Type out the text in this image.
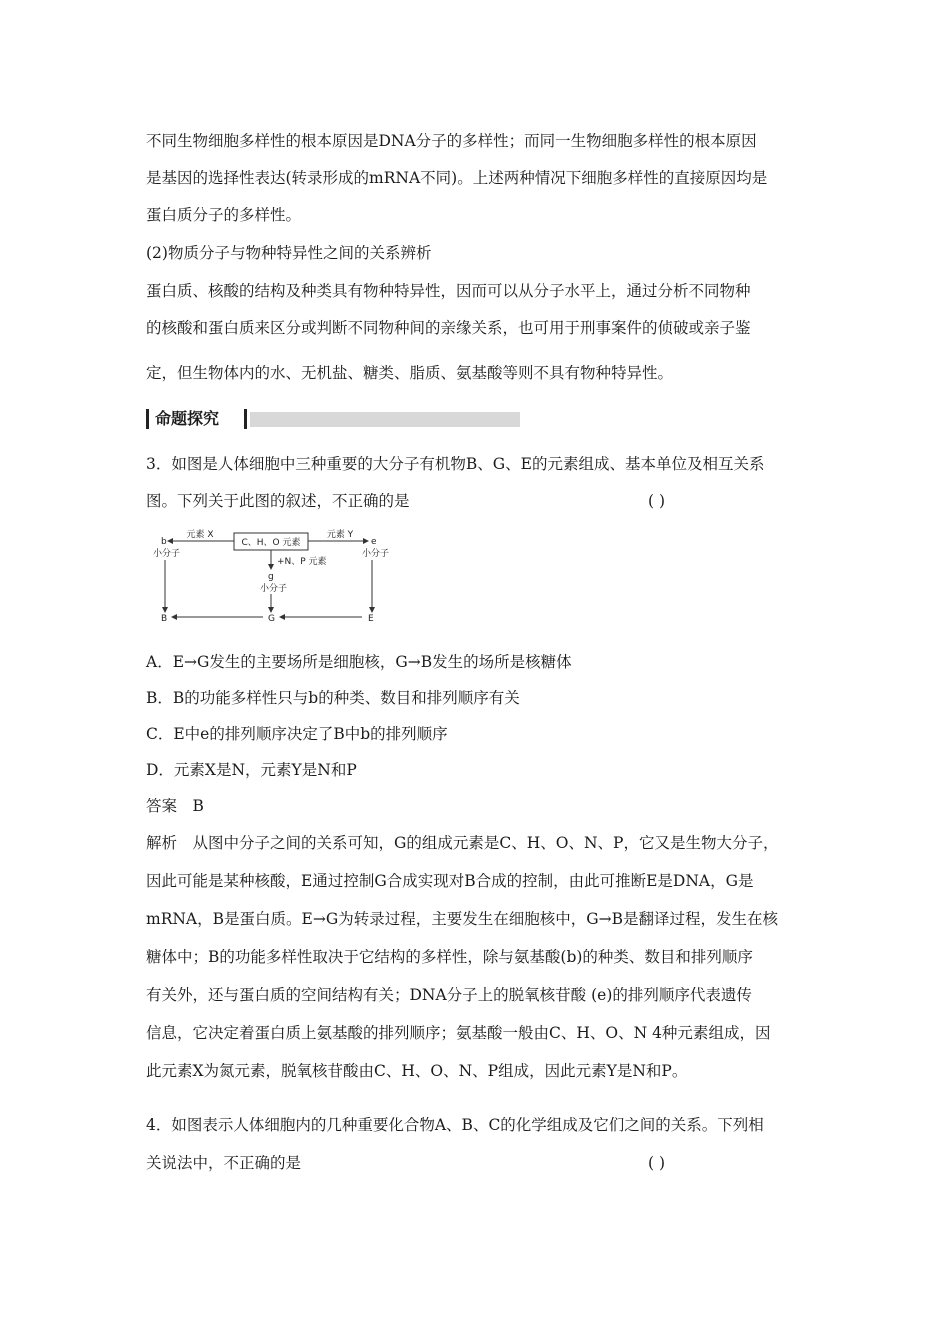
不同生物细胞多样性的根本原因是DNA分子的多样性；而同一生物细胞多样性的根本原因
是基因的选择性表达(转录形成的mRNA不同)。上述两种情况下细胞多样性的直接原因均是
蛋白质分子的多样性。
(2)物质分子与物种特异性之间的关系辨析
蛋白质、核酸的结构及种类具有物种特异性，因而可以从分子水平上，通过分析不同物种
的核酸和蛋白质来区分或判断不同物种间的亲缘关系，也可用于刑事案件的侦破或亲子鉴
定，但生物体内的水、无机盐、糖类、脂质、氨基酸等则不具有物种特异性。
命题探究
3．如图是人体细胞中三种重要的大分子有机物B、G、E的元素组成、基本单位及相互关系
图。下列关于此图的叙述，不正确的是	( )
C、H、O 元素
元素 X
b
小分子
元素 Y
e
小分子
+N、P 元素
g
小分子
B	G	E
A．E→G发生的主要场所是细胞核，G→B发生的场所是核糖体
B．B的功能多样性只与b的种类、数目和排列顺序有关
C．E中e的排列顺序决定了B中b的排列顺序
D．元素X是N，元素Y是N和P
答案　B
解析　从图中分子之间的关系可知，G的组成元素是C、H、O、N、P，它又是生物大分子，
因此可能是某种核酸，E通过控制G合成实现对B合成的控制，由此可推断E是DNA，G是
mRNA，B是蛋白质。E→G为转录过程，主要发生在细胞核中，G→B是翻译过程，发生在核
糖体中；B的功能多样性取决于它结构的多样性，除与氨基酸(b)的种类、数目和排列顺序
有关外，还与蛋白质的空间结构有关；DNA分子上的脱氧核苷酸 (e)的排列顺序代表遗传
信息，它决定着蛋白质上氨基酸的排列顺序；氨基酸一般由C、H、O、N 4种元素组成，因
此元素X为氮元素，脱氧核苷酸由C、H、O、N、P组成，因此元素Y是N和P。
4．如图表示人体细胞内的几种重要化合物A、B、C的化学组成及它们之间的关系。下列相
关说法中，不正确的是	( )
